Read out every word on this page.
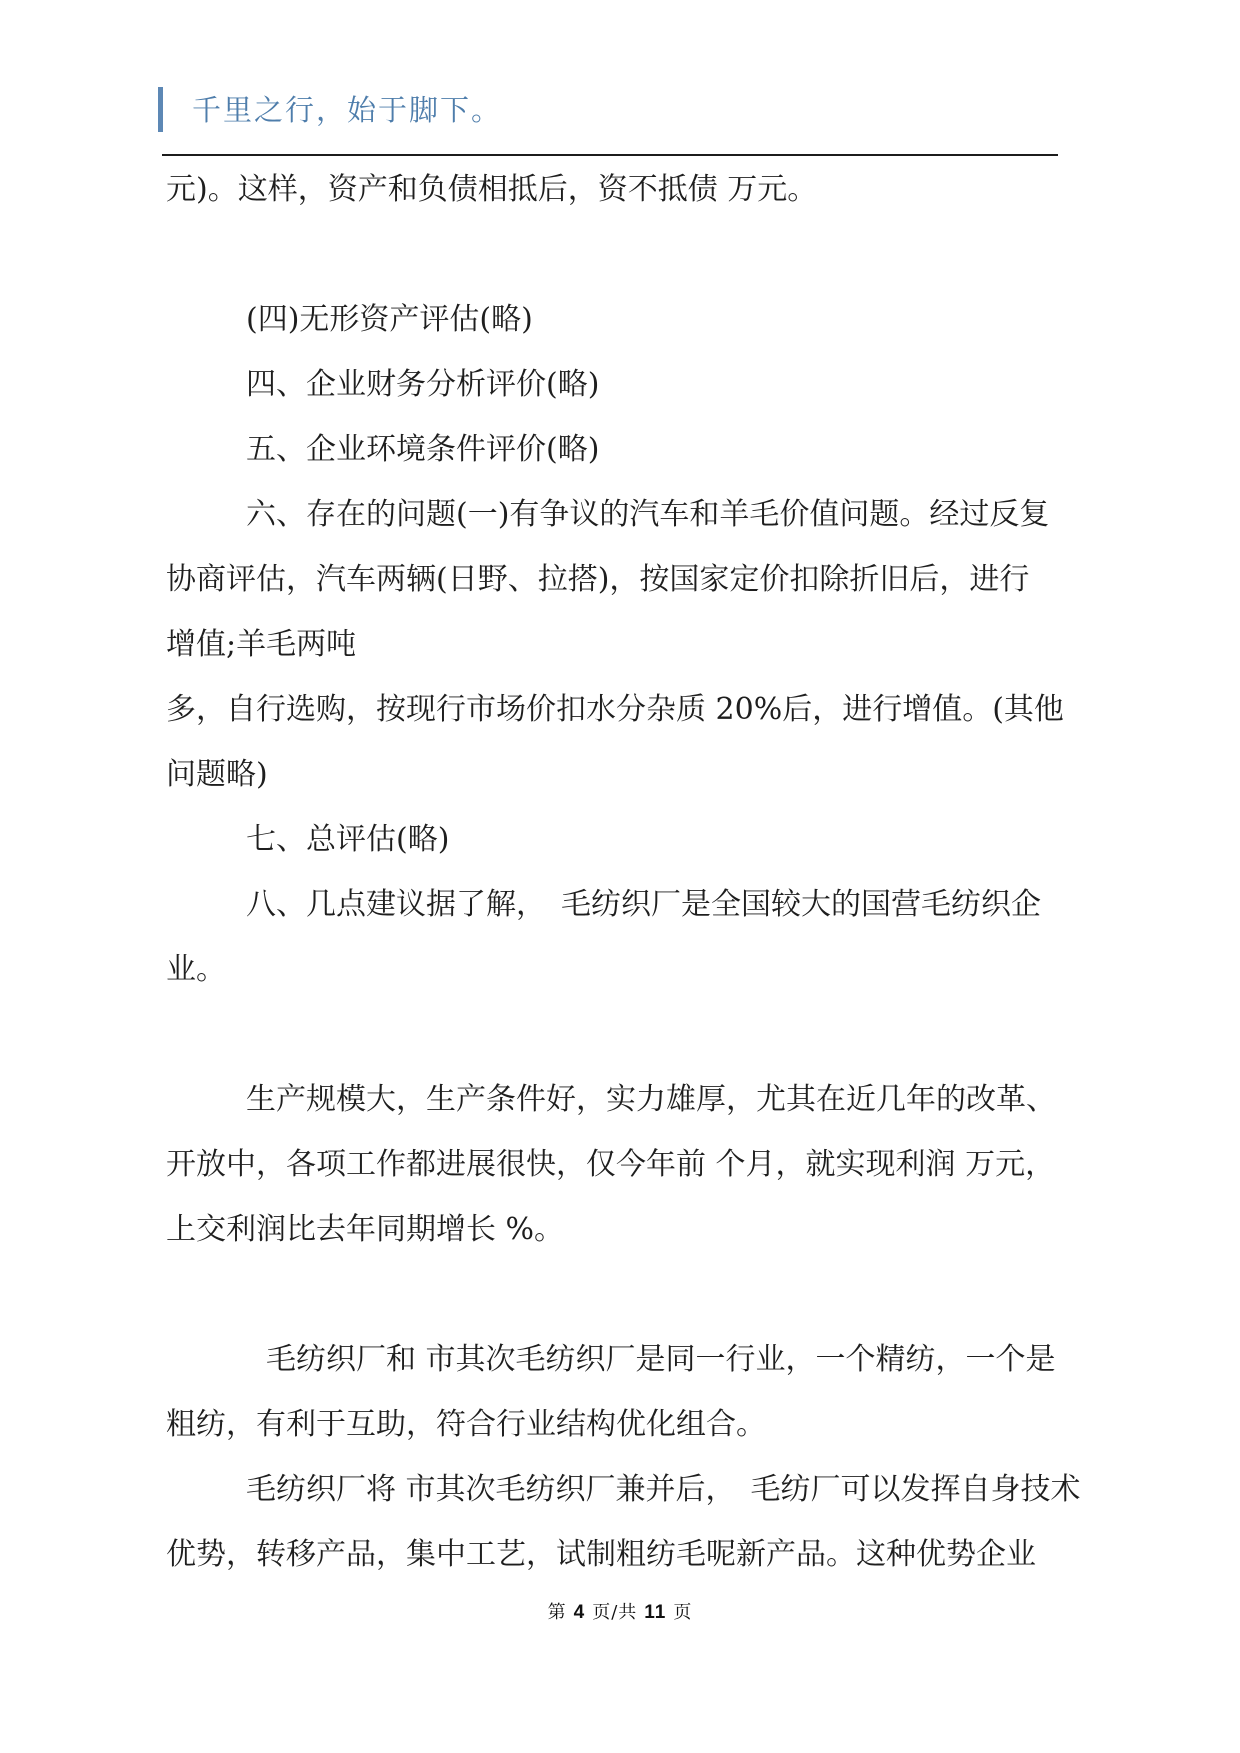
千里之行，始于脚下。
元)。这样，资产和负债相抵后，资不抵债 万元。
(四)无形资产评估(略)
四、企业财务分析评价(略)
五、企业环境条件评价(略)
六、存在的问题(一)有争议的汽车和羊毛价值问题。经过反复
协商评估，汽车两辆(日野、拉搭)，按国家定价扣除折旧后，进行
增值;羊毛两吨
多，自行选购，按现行市场价扣水分杂质 20%后，进行增值。(其他
问题略)
七、总评估(略)
八、几点建议据了解，　毛纺织厂是全国较大的国营毛纺织企
业。
生产规模大，生产条件好，实力雄厚，尤其在近几年的改革、
开放中，各项工作都进展很快，仅今年前 个月，就实现利润 万元，
上交利润比去年同期增长 %。
毛纺织厂和 市其次毛纺织厂是同一行业，一个精纺，一个是
粗纺，有利于互助，符合行业结构优化组合。
毛纺织厂将 市其次毛纺织厂兼并后，　毛纺厂可以发挥自身技术
优势，转移产品，集中工艺，试制粗纺毛呢新产品。这种优势企业
第 4 页/共 11 页
